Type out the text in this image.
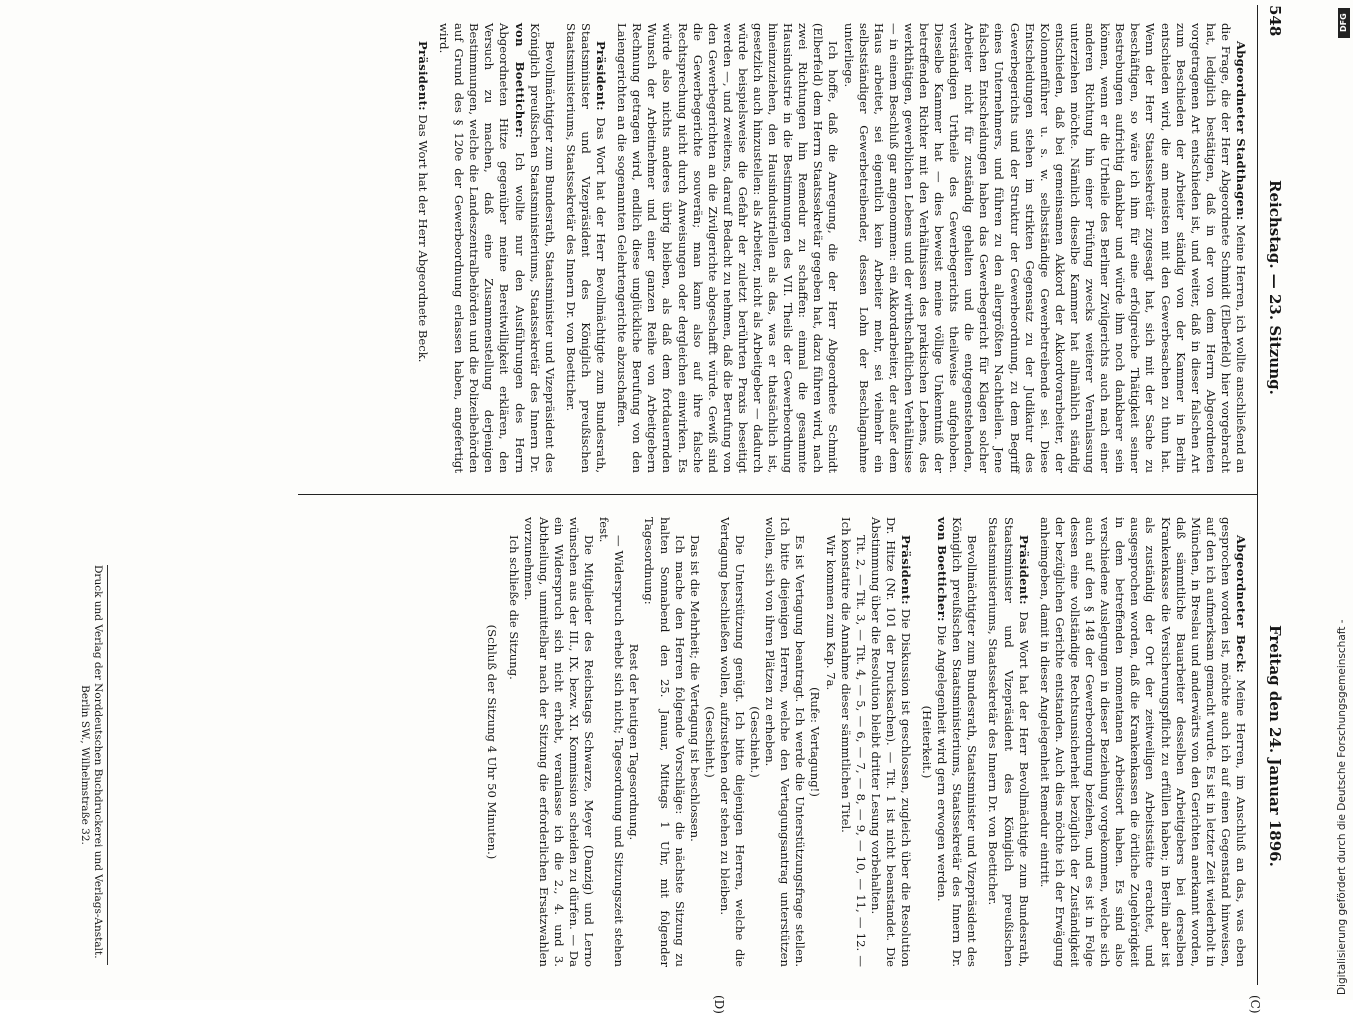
548
Reichstag. — 23. Sitzung.
Freitag den 24. Januar 1896.
(C)
(D)

Abgeordneter Stadthagen: Meine Herren, ich wollte anschließend an die Frage, die der Herr Abgeordnete Schmidt (Elberfeld) hier vorgebracht hat, lediglich bestätigen, daß in der von dem Herrn Abgeordneten vorgetragenen Art entschieden ist, und weiter, daß in dieser falschen Art zum Beschieden der Arbeiter ständig von der Kammer in Berlin entschieden wird, die am meisten mit den Gewerbesachen zu thun hat. Wenn der Herr Staatssekretär zugesagt hat, sich mit der Sache zu beschäftigen, so wäre ich ihm für eine erfolgreiche Thätigkeit seiner Bestrebungen aufrichtig dankbar und würde ihm noch dankbarer sein können, wenn er die Urtheile des Berliner Zivilgerichts auch nach einer anderen Richtung hin einer Prüfung zwecks weiterer Veranlassung unterziehen möchte. Nämlich dieselbe Kammer hat allmählich ständig entschieden, daß bei gemeinsamen Akkord der Akkordvorarbeiter, der Kolonnenführer u. s. w. selbstständige Gewerbetreibende sei. Diese Entscheidungen stehen im strikten Gegensatz zu der Judikatur des Gewerbegerichts und der Struktur der Gewerbeordnung, zu dem Begriff eines Unternehmers, und führen zu den allergrößten Nachtheilen. Jene falschen Entscheidungen haben das Gewerbegericht für Klagen solcher Arbeiter nicht für zuständig gehalten und die entgegenstehenden, verständigen Urtheile des Gewerbegerichts theilweise aufgehoben. Dieselbe Kammer hat — dies beweist meine völlige Unkenntniß der betreffenden Richter mit den Verhältnissen des praktischen Lebens, des werkthätigen, gewerblichen Lebens und der wirthschaftlichen Verhältnisse — in einem Beschluß gar angenommen: ein Akkordarbeiter, der außer dem Haus arbeitet, sei eigentlich kein Arbeiter mehr, sei vielmehr ein selbstständiger Gewerbetreibender, dessen Lohn der Beschlagnahme unterliege.

Ich hoffe, daß die Anregung, die der Herr Abgeordnete Schmidt (Elberfeld) dem Herrn Staatssekretär gegeben hat, dazu führen wird, nach zwei Richtungen hin Remedur zu schaffen: einmal die gesammte Hausindustrie in die Bestimmungen des VII. Theils der Gewerbeordnung hineinzuziehen, den Hausindustriellen als das, was er thatsächlich ist, gesetzlich auch hinzustellen: als Arbeiter, nicht als Arbeitgeber — dadurch würde beispielsweise die Gefahr der zuletzt berührten Praxis beseitigt werden —, und zweitens, darauf Bedacht zu nehmen, daß die Berufung von den Gewerbegerichten an die Zivilgerichte abgeschafft würde. Gewiß sind die Gewerbegerichte souverän; man kann also auf ihre falsche Rechtsprechung nicht durch Anweisungen oder dergleichen einwirken. Es würde also nichts anderes übrig bleiben, als daß dem fortdauernden Wunsch der Arbeitnehmer und einer ganzen Reihe von Arbeitgebern Rechnung getragen wird, endlich diese unglückliche Berufung von den Laiengerichten an die sogenannten Gelehrtengerichte abzuschaffen.

Präsident: Das Wort hat der Herr Bevollmächtigte zum Bundesrath, Staatsminister und Vizepräsident des Königlich preußischen Staatsministeriums, Staatssekretär des Innern Dr. von Boetticher.

Bevollmächtigter zum Bundesrath, Staatsminister und Vizepräsident des Königlich preußischen Staatsministeriums, Staatssekretär des Innern Dr. von Boetticher: Ich wollte nur den Ausführungen des Herrn Abgeordneten Hitze gegenüber meine Bereitwilligkeit erklären, den Versuch zu machen, daß eine Zusammenstellung derjenigen Bestimmungen, welche die Landeszentralbehörden und die Polizeibehörden auf Grund des § 120e der Gewerbeordnung erlassen haben, angefertigt wird.

Präsident: Das Wort hat der Herr Abgeordnete Beck.

Abgeordneter Beck: Meine Herren, im Anschluß an das, was eben gesprochen worden ist, möchte auch ich auf einen Gegenstand hinweisen, auf den ich aufmerksam gemacht wurde. Es ist in letzter Zeit wiederholt in München, in Breslau und anderwärts von den Gerichten anerkannt worden, daß sämmtliche Bauarbeiter desselben Arbeitgebers bei derselben Krankenkasse die Versicherungspflicht zu erfüllen haben; in Berlin aber ist als zuständig der Ort der zeitweiligen Arbeitsstätte erachtet, und ausgesprochen worden, daß die Krankenkassen die örtliche Zugehörigkeit in dem betreffenden momentanen Arbeitsort haben. Es sind also verschiedene Auslegungen in dieser Beziehung vorgekommen, welche sich auch auf den § 148 der Gewerbeordnung beziehen, und es ist in Folge dessen eine vollständige Rechtsunsicherheit bezüglich der Zuständigkeit der bezüglichen Gerichte entstanden. Auch dies möchte ich der Erwägung anheimgeben, damit in dieser Angelegenheit Remedur eintritt.

Präsident: Das Wort hat der Herr Bevollmächtigte zum Bundesrath, Staatsminister und Vizepräsident des Königlich preußischen Staatsministeriums, Staatssekretär des Innern Dr. von Boetticher.

Bevollmächtigter zum Bundesrath, Staatsminister und Vizepräsident des Königlich preußischen Staatsministeriums, Staatssekretär des Innern Dr. von Boetticher: Die Angelegenheit wird gern erwogen werden.

(Heiterkeit.)

Präsident: Die Diskussion ist geschlossen, zugleich über die Resolution Dr. Hitze (Nr. 101 der Drucksachen). — Tit. 1 ist nicht beanstandet. Die Abstimmung über die Resolution bleibt dritter Lesung vorbehalten.

Tit. 2, — Tit. 3, — Tit. 4, — 5, — 6, — 7, — 8, — 9, — 10, — 11, — 12. — Ich konstatire die Annahme dieser sämmtlichen Titel.

Wir kommen zum Kap. 7a.

(Rufe: Vertagung!)

Es ist Vertagung beantragt. Ich werde die Unterstützungsfrage stellen. Ich bitte diejenigen Herren, welche den Vertagungsantrag unterstützen wollen, sich von ihren Plätzen zu erheben.

(Geschieht.)

Die Unterstützung genügt. Ich bitte diejenigen Herren, welche die Vertagung beschließen wollen, aufzustehen oder stehen zu bleiben.

(Geschieht.)

Das ist die Mehrheit; die Vertagung ist beschlossen.

Ich mache den Herren folgende Vorschläge: die nächste Sitzung zu halten Sonnabend den 25. Januar, Mittags 1 Uhr, mit folgender Tagesordnung:

Rest der heutigen Tagesordnung.

— Widerspruch erhebt sich nicht; Tagesordnung und Sitzungszeit stehen fest.

Die Mitglieder des Reichstags Schwarze, Meyer (Danzig) und Lerno wünschen aus der III., IX. bezw. XI. Kommission scheiden zu dürfen. — Da ein Widerspruch sich nicht erhebt, veranlasse ich die 2., 4. und 3. Abtheilung, unmittelbar nach der Sitzung die erforderlichen Ersatzwahlen vorzunehmen.

Ich schließe die Sitzung.

(Schluß der Sitzung 4 Uhr 50 Minuten.)

Druck und Verlag der Norddeutschen Buchdruckerei und Verlags-Anstalt.

Berlin SW., Wilhelmstraße 32.	Digitalisierung gefördert durch die Deutsche Forschungsgemeinschaft -
DFG
